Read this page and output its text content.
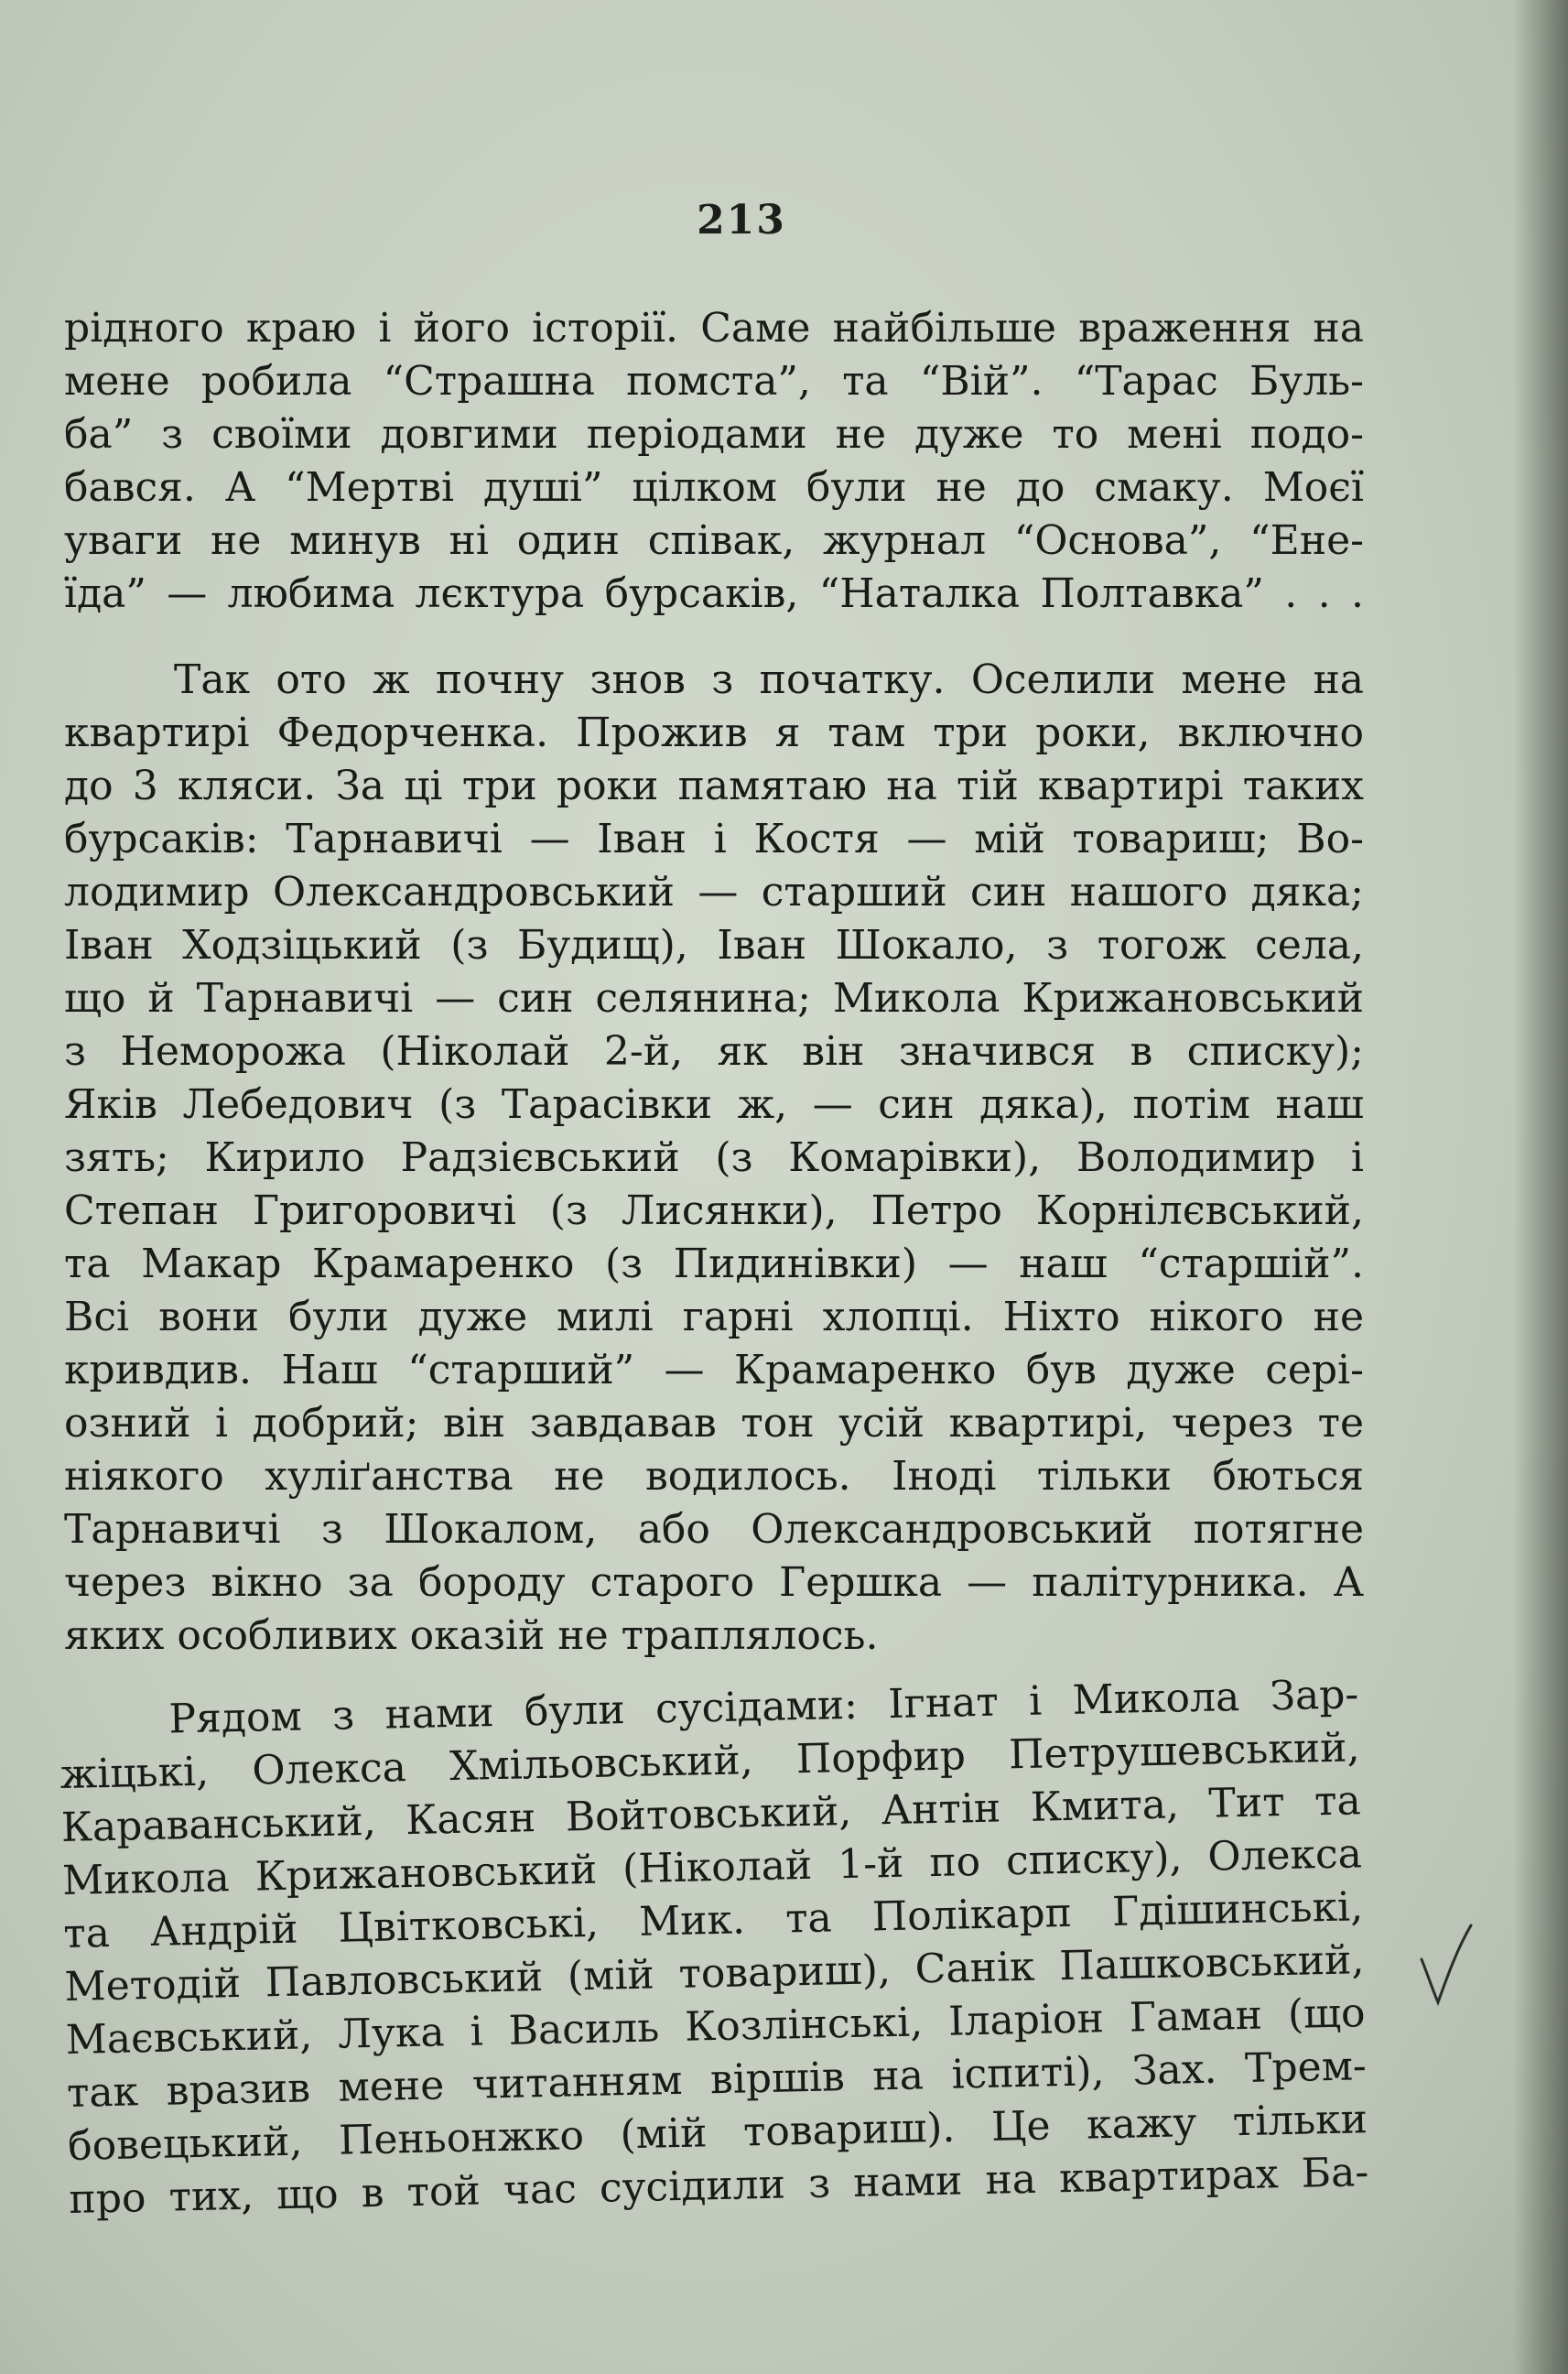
213
рідного краю і його історії. Саме найбільше враження на
мене робила “Страшна помста”, та “Вій”. “Тарас Буль-
ба” з своїми довгими періодами не дуже то мені подо-
бався. А “Мертві душі” цілком були не до смаку. Моєї
уваги не минув ні один співак, журнал “Основа”, “Ене-
їда” — любима лєктура бурсаків, “Наталка Полтавка” . . .
Так ото ж почну знов з початку. Оселили мене на
квартирі Федорченка. Прожив я там три роки, включно
до 3 кляси. За ці три роки памятаю на тій квартирі таких
бурсаків: Тарнавичі — Іван і Костя — мій товариш; Во-
лодимир Олександровський — старший син нашого дяка;
Іван Ходзіцький (з Будищ), Іван Шокало, з тогож села,
що й Тарнавичі — син селянина; Микола Крижановський
з Неморожа (Ніколай 2-й, як він значився в списку);
Яків Лебедович (з Тарасівки ж, — син дяка), потім наш
зять; Кирило Радзієвський (з Комарівки), Володимир і
Степан Григоровичі (з Лисянки), Петро Корнілєвський,
та Макар Крамаренко (з Пидинівки) — наш “старшій”.
Всі вони були дуже милі гарні хлопці. Ніхто нікого не
кривдив. Наш “старший” — Крамаренко був дуже сері-
озний і добрий; він завдавав тон усій квартирі, через те
ніякого хуліґанства не водилось. Іноді тільки бються
Тарнавичі з Шокалом, або Олександровський потягне
через вікно за бороду старого Гершка — палітурника. А
яких особливих оказій не траплялось.
Рядом з нами були сусідами: Ігнат і Микола Зар-
жіцькі, Олекса Хмільовський, Порфир Петрушевський,
Караванський, Касян Войтовський, Антін Кмита, Тит та
Микола Крижановський (Ніколай 1-й по списку), Олекса
та Андрій Цвітковські, Мик. та Полікарп Гдішинські,
Методій Павловський (мій товариш), Санік Пашковський,
Маєвський, Лука і Василь Козлінські, Іларіон Гаман (що
так вразив мене читанням віршів на іспиті), Зах. Трем-
бовецький, Пеньонжко (мій товариш). Це кажу тільки
про тих, що в той час сусідили з нами на квартирах Ба-
